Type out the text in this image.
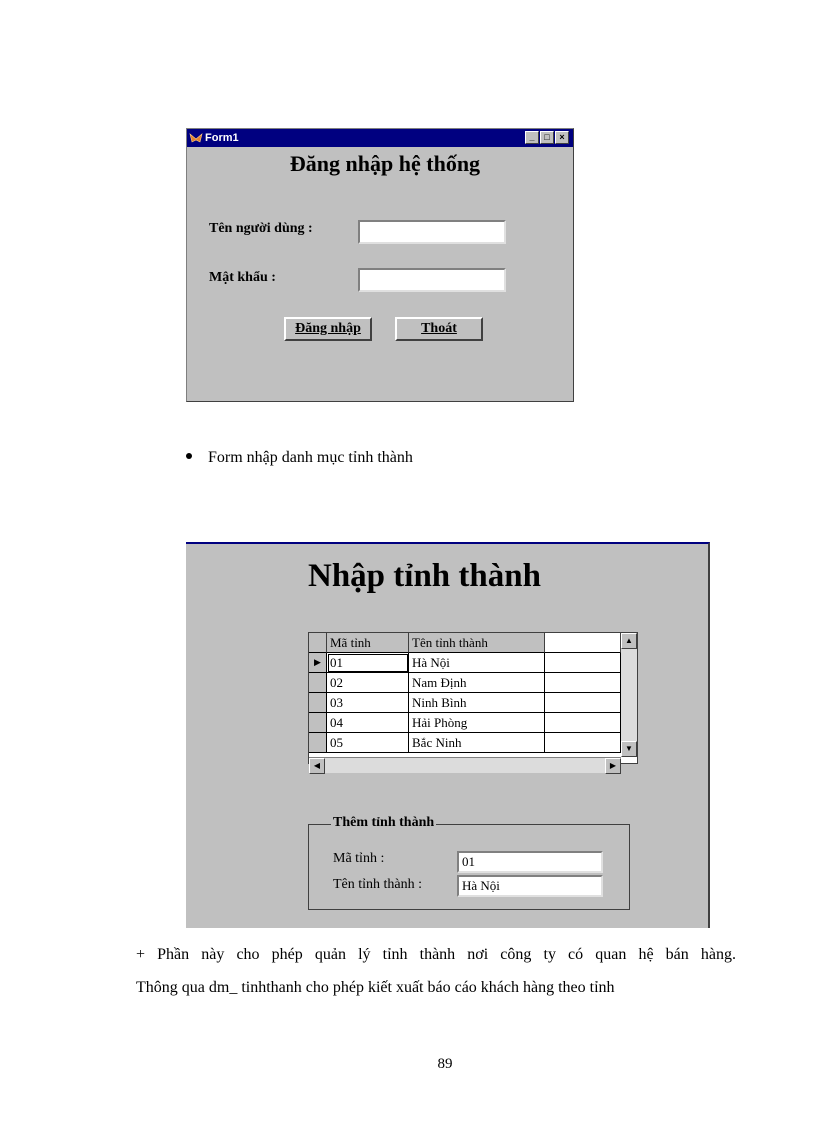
Form1	_	□	×
Đăng nhập hệ thống
Tên người dùng :
Mật khẩu :
Đăng nhập	Thoát
Form nhập danh mục tỉnh thành
Nhập tỉnh thành
Mã tỉnh	Tên tỉnh thành
▶ 01	Hà Nội
02	Nam Định
03	Ninh Bình
04	Hải Phòng
05	Bắc Ninh
▲
▼
◀	▶
Thêm tỉnh thành
Mã tỉnh :	01
Tên tỉnh thành :	Hà Nội
+ Phần này cho phép quản lý tỉnh thành nơi công ty có quan hệ bán hàng.
Thông qua dm_ tinhthanh cho phép kiết xuất báo cáo khách hàng theo tỉnh
89
